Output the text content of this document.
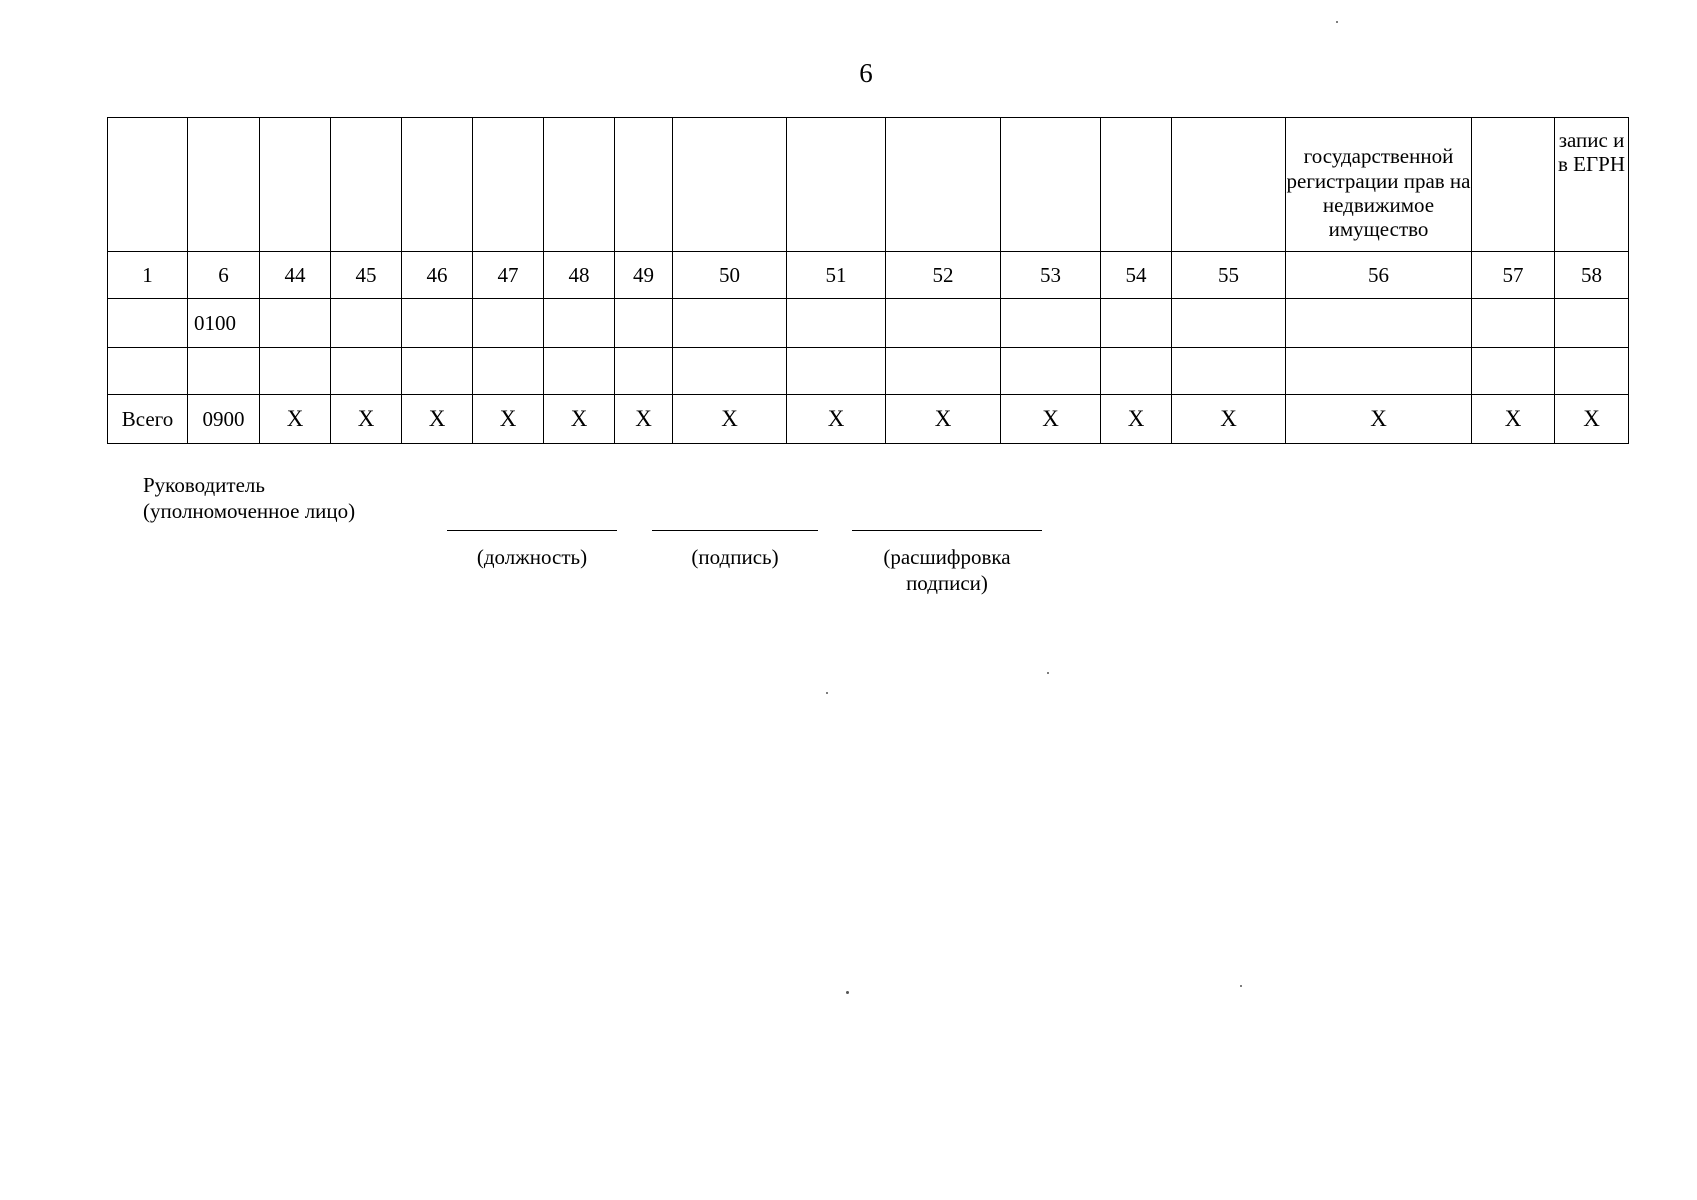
6
														государственной регистрации прав на недвижимое имущество		запис и в ЕГРН
1	6	44	45	46	47	48	49	50	51	52	53	54	55	56	57	58
	0100															

Всего	0900	X	X	X	X	X	X	X	X	X	X	X	X	X	X	X
Руководитель
(уполномоченное лицо)
(должность)	(подпись)	(расшифровка
подписи)
